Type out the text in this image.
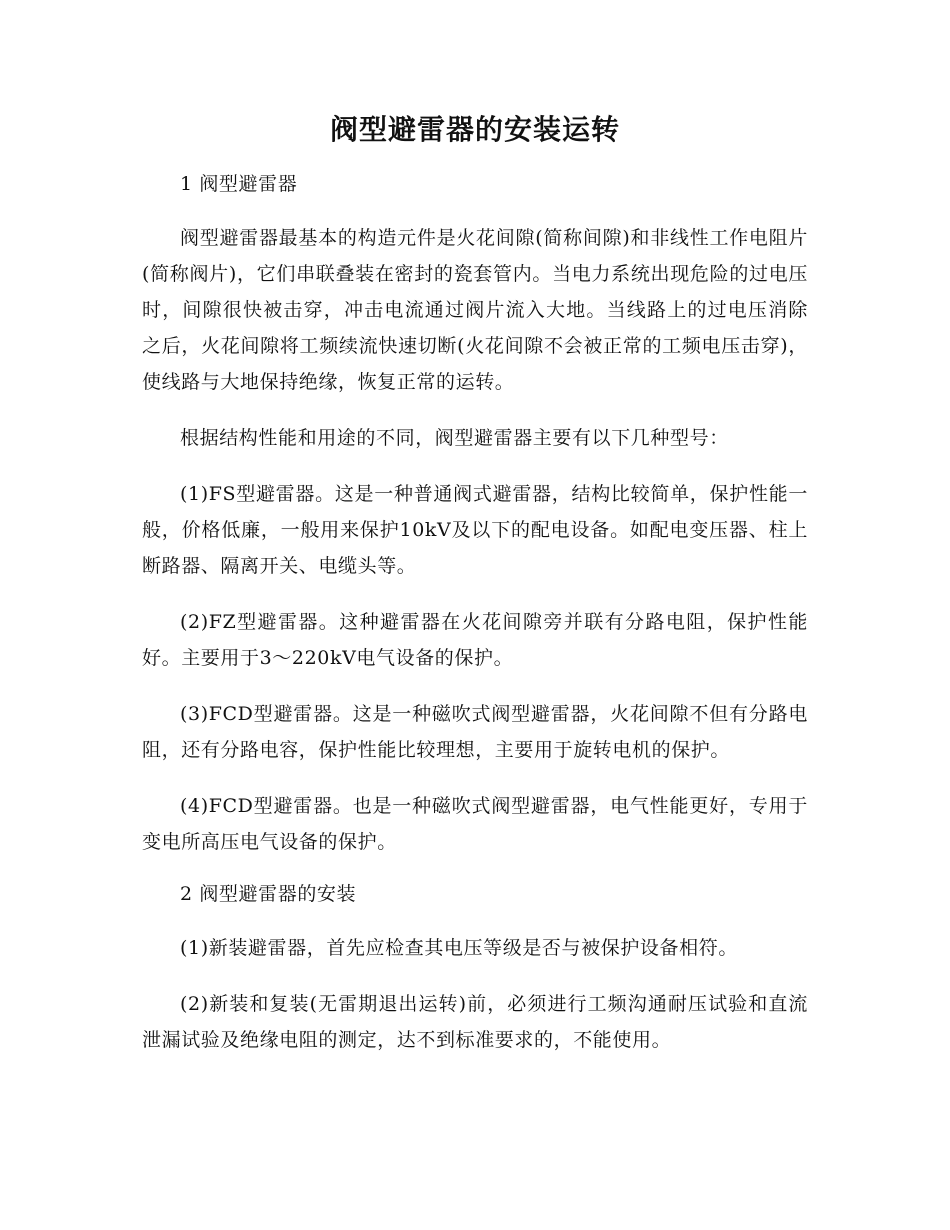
阀型避雷器的安装运转

1 阀型避雷器

阀型避雷器最基本的构造元件是火花间隙(简称间隙)和非线性工作电阻片(简称阀片)，它们串联叠装在密封的瓷套管内。当电力系统出现危险的过电压时，间隙很快被击穿，冲击电流通过阀片流入大地。当线路上的过电压消除之后，火花间隙将工频续流快速切断(火花间隙不会被正常的工频电压击穿)，使线路与大地保持绝缘，恢复正常的运转。

根据结构性能和用途的不同，阀型避雷器主要有以下几种型号：

(1)FS型避雷器。这是一种普通阀式避雷器，结构比较简单，保护性能一般，价格低廉，一般用来保护10kV及以下的配电设备。如配电变压器、柱上断路器、隔离开关、电缆头等。

(2)FZ型避雷器。这种避雷器在火花间隙旁并联有分路电阻，保护性能好。主要用于3～220kV电气设备的保护。

(3)FCD型避雷器。这是一种磁吹式阀型避雷器，火花间隙不但有分路电阻，还有分路电容，保护性能比较理想，主要用于旋转电机的保护。

(4)FCD型避雷器。也是一种磁吹式阀型避雷器，电气性能更好，专用于变电所高压电气设备的保护。

2 阀型避雷器的安装

(1)新装避雷器，首先应检查其电压等级是否与被保护设备相符。

(2)新装和复装(无雷期退出运转)前，必须进行工频沟通耐压试验和直流泄漏试验及绝缘电阻的测定，达不到标准要求的，不能使用。
